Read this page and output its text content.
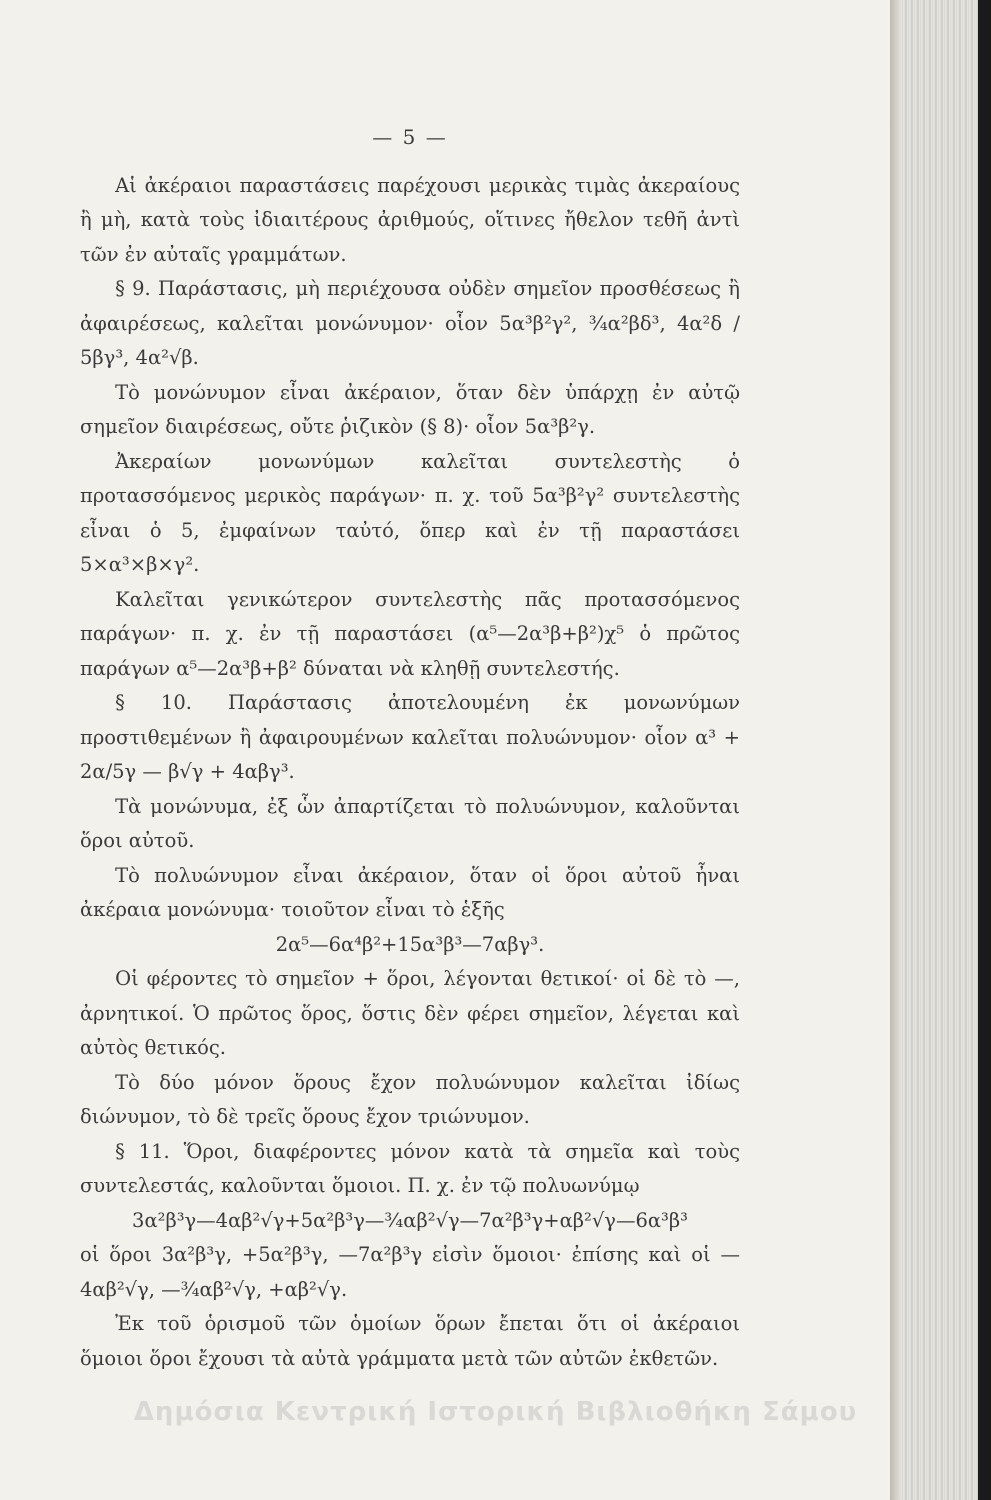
— 5 —

Αἱ ἀκέραιοι παραστάσεις παρέχουσι μερικὰς τιμὰς ἀκεραίους ἢ μὴ, κατὰ τοὺς ἰδιαιτέρους ἀριθμούς, οἵτινες ἤθελον τεθῆ ἀντὶ τῶν ἐν αὐταῖς γραμμάτων.

§ 9. Παράστασις, μὴ περιέχουσα οὐδὲν σημεῖον προσθέσεως ἢ ἀφαιρέσεως, καλεῖται μονώνυμον· οἷον 5α³β²γ², ¾α²βδ³, 4α²δ / 5βγ³, 4α²√β.

Τὸ μονώνυμον εἶναι ἀκέραιον, ὅταν δὲν ὑπάρχῃ ἐν αὐτῷ σημεῖον διαιρέσεως, οὔτε ῥιζικὸν (§ 8)· οἷον 5α³β²γ.

Ἀκεραίων μονωνύμων καλεῖται συντελεστὴς ὁ προτασσόμενος μερικὸς παράγων· π. χ. τοῦ 5α³β²γ² συντελεστὴς εἶναι ὁ 5, ἐμφαίνων ταὐτό, ὅπερ καὶ ἐν τῇ παραστάσει 5×α³×β×γ².

Καλεῖται γενικώτερον συντελεστὴς πᾶς προτασσόμενος παράγων· π. χ. ἐν τῇ παραστάσει (α⁵—2α³β+β²)χ⁵ ὁ πρῶτος παράγων α⁵—2α³β+β² δύναται νὰ κληθῇ συντελεστής.

§ 10. Παράστασις ἀποτελουμένη ἐκ μονωνύμων προστιθεμένων ἢ ἀφαιρουμένων καλεῖται πολυώνυμον· οἷον α³ + 2α/5γ — β√γ + 4αβγ³.

Τὰ μονώνυμα, ἐξ ὧν ἀπαρτίζεται τὸ πολυώνυμον, καλοῦνται ὅροι αὐτοῦ.

Τὸ πολυώνυμον εἶναι ἀκέραιον, ὅταν οἱ ὅροι αὐτοῦ ἦναι ἀκέραια μονώνυμα· τοιοῦτον εἶναι τὸ ἑξῆς

2α⁵—6α⁴β²+15α³β³—7αβγ³.

Οἱ φέροντες τὸ σημεῖον + ὅροι, λέγονται θετικοί· οἱ δὲ τὸ —, ἀρνητικοί. Ὁ πρῶτος ὅρος, ὅστις δὲν φέρει σημεῖον, λέγεται καὶ αὐτὸς θετικός.

Τὸ δύο μόνον ὅρους ἔχον πολυώνυμον καλεῖται ἰδίως διώνυμον, τὸ δὲ τρεῖς ὅρους ἔχον τριώνυμον.

§ 11. Ὅροι, διαφέροντες μόνον κατὰ τὰ σημεῖα καὶ τοὺς συντελεστάς, καλοῦνται ὅμοιοι. Π. χ. ἐν τῷ πολυωνύμῳ

3α²β³γ—4αβ²√γ+5α²β³γ—¾αβ²√γ—7α²β³γ+αβ²√γ—6α³β³

οἱ ὅροι 3α²β³γ, +5α²β³γ, —7α²β³γ εἰσὶν ὅμοιοι· ἐπίσης καὶ οἱ —4αβ²√γ, —¾αβ²√γ, +αβ²√γ.

Ἐκ τοῦ ὁρισμοῦ τῶν ὁμοίων ὅρων ἔπεται ὅτι οἱ ἀκέραιοι ὅμοιοι ὅροι ἔχουσι τὰ αὐτὰ γράμματα μετὰ τῶν αὐτῶν ἐκθετῶν.

Δημόσια Κεντρική Ιστορική Βιβλιοθήκη Σάμου
